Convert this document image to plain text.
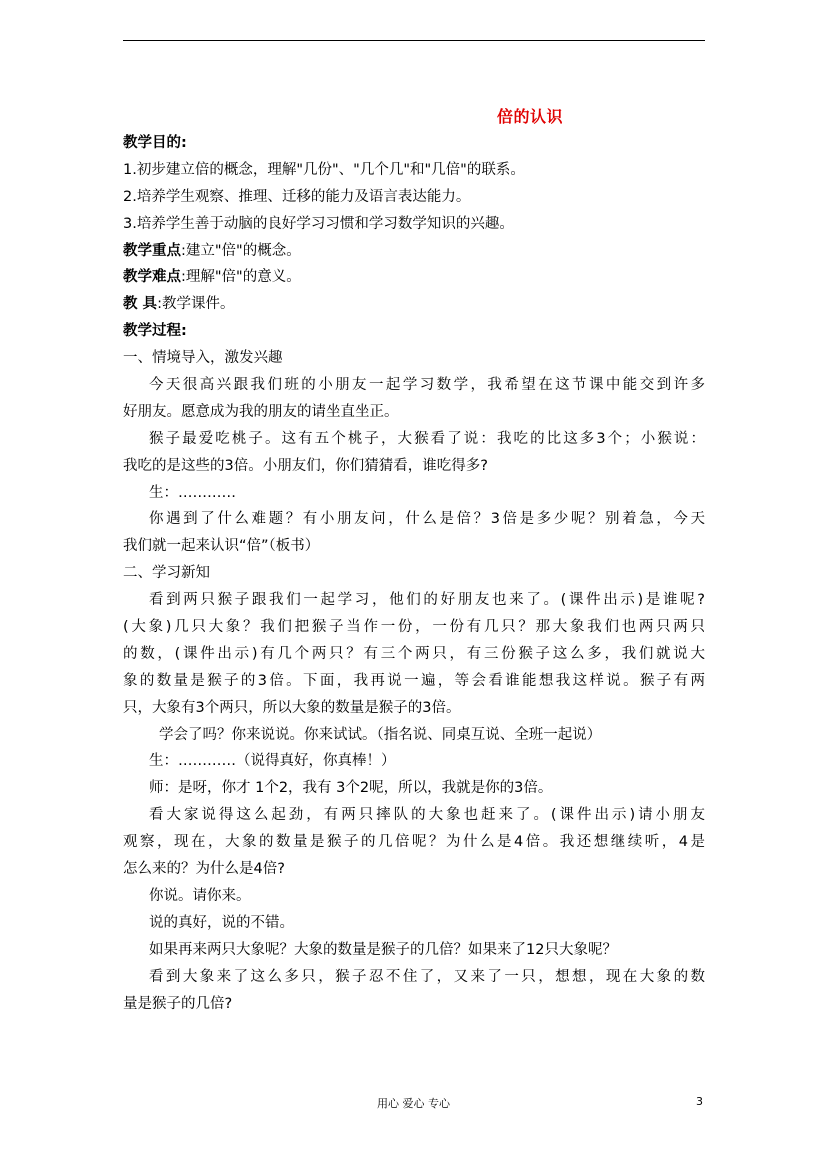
倍的认识
教学目的:
1.初步建立倍的概念，理解"几份"、"几个几"和"几倍"的联系。
2.培养学生观察、推理、迁移的能力及语言表达能力。
3.培养学生善于动脑的良好学习习惯和学习数学知识的兴趣。
教学重点:建立"倍"的概念。
教学难点:理解"倍"的意义。
教 具:教学课件。
教学过程:
一、情境导入，激发兴趣
今天很高兴跟我们班的小朋友一起学习数学，我希望在这节课中能交到许多
好朋友。愿意成为我的朋友的请坐直坐正。
猴子最爱吃桃子。这有五个桃子，大猴看了说：我吃的比这多3个；小猴说：
我吃的是这些的3倍。小朋友们，你们猜猜看，谁吃得多?
生：…………
你遇到了什么难题？有小朋友问，什么是倍？3倍是多少呢？别着急，今天
我们就一起来认识“倍”（板书）
二、学习新知
看到两只猴子跟我们一起学习，他们的好朋友也来了。(课件出示)是谁呢?
(大象)几只大象？我们把猴子当作一份，一份有几只？那大象我们也两只两只
的数，(课件出示)有几个两只？有三个两只，有三份猴子这么多，我们就说大
象的数量是猴子的3倍。下面，我再说一遍，等会看谁能想我这样说。猴子有两
只，大象有3个两只，所以大象的数量是猴子的3倍。
学会了吗？你来说说。你来试试。（指名说、同桌互说、全班一起说）
生：…………（说得真好，你真棒！）
师：是呀，你才 1个2，我有 3个2呢，所以，我就是你的3倍。
看大家说得这么起劲，有两只摔队的大象也赶来了。(课件出示)请小朋友
观察，现在，大象的数量是猴子的几倍呢？为什么是4倍。我还想继续听，4是
怎么来的？为什么是4倍?
你说。请你来。
说的真好，说的不错。
如果再来两只大象呢？大象的数量是猴子的几倍？如果来了12只大象呢？
看到大象来了这么多只，猴子忍不住了，又来了一只，想想，现在大象的数
量是猴子的几倍?
用心 爱心 专心	3
